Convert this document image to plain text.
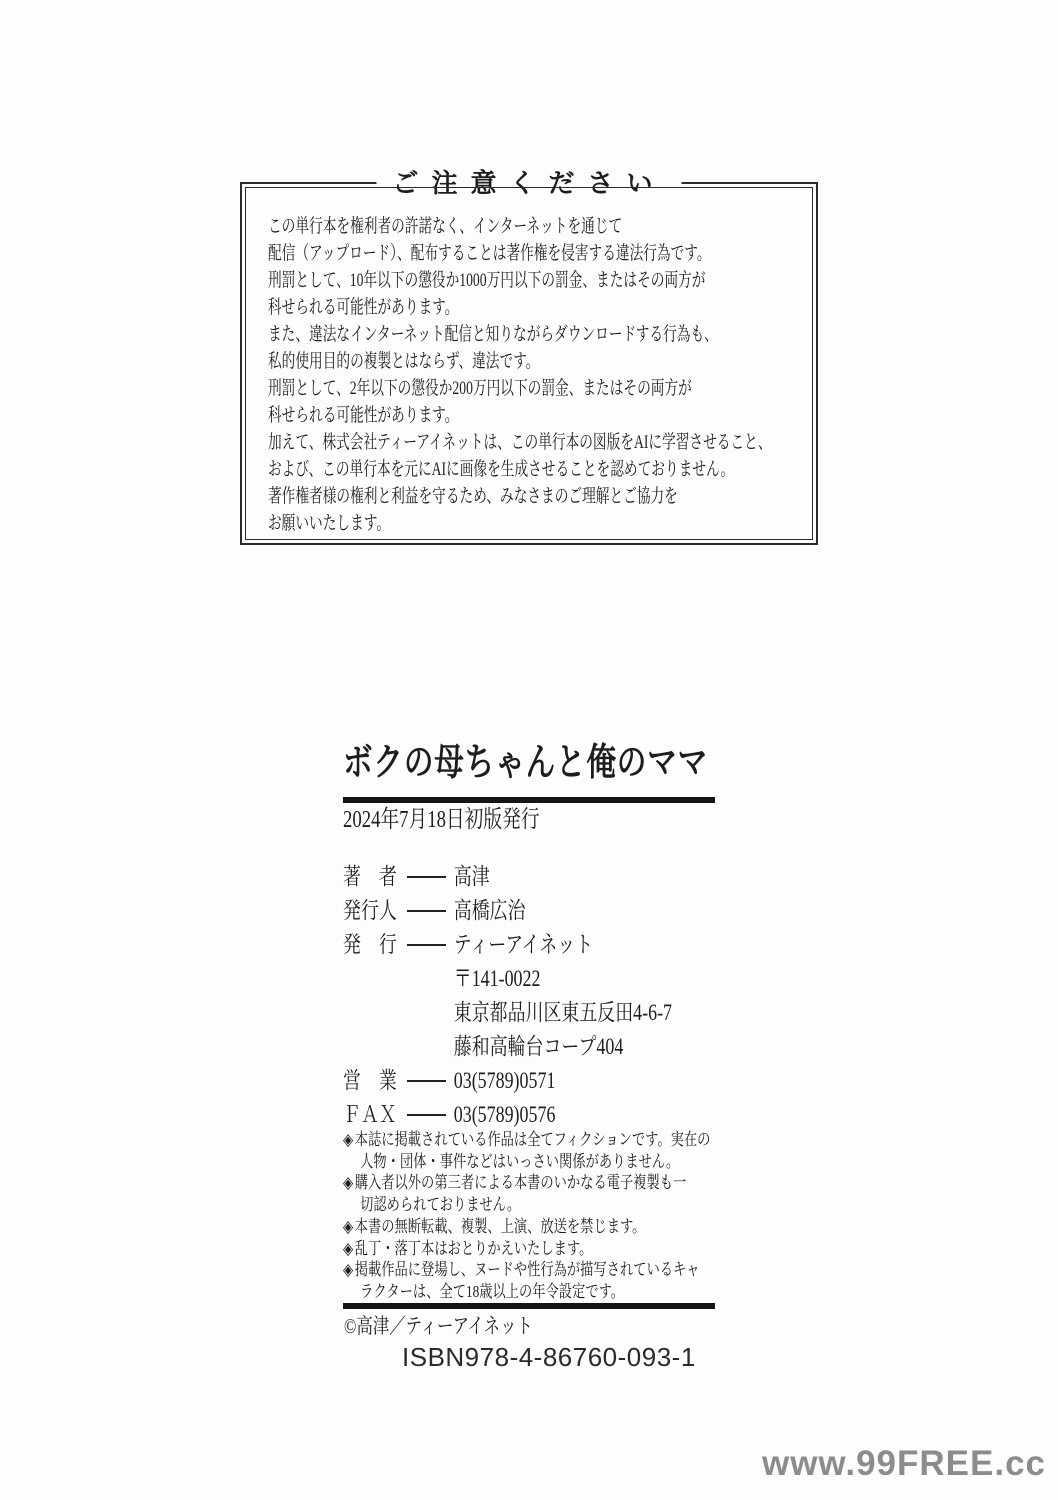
ご注意ください
この単行本を権利者の許諾なく、インターネットを通じて
配信（アップロード）、配布することは著作権を侵害する違法行為です。
刑罰として、10年以下の懲役か1000万円以下の罰金、またはその両方が
科せられる可能性があります。
また、違法なインターネット配信と知りながらダウンロードする行為も、
私的使用目的の複製とはならず、違法です。
刑罰として、2年以下の懲役か200万円以下の罰金、またはその両方が
科せられる可能性があります。
加えて、株式会社ティーアイネットは、この単行本の図版をAIに学習させること、
および、この単行本を元にAIに画像を生成させることを認めておりません。
著作権者様の権利と利益を守るため、みなさまのご理解とご協力を
お願いいたします。
ボクの母ちゃんと俺のママ
2024年7月18日初版発行
著　者 高津
発行人 高橋広治
発　行 ティーアイネット
〒141-0022
東京都品川区東五反田4-6-7
藤和高輪台コープ404
営　業 03(5789)0571
ＦＡＸ 03(5789)0576
◈本誌に掲載されている作品は全てフィクションです。実在の
人物・団体・事件などはいっさい関係がありません。
◈購入者以外の第三者による本書のいかなる電子複製も一
切認められておりません。
◈本書の無断転載、複製、上演、放送を禁じます。
◈乱丁・落丁本はおとりかえいたします。
◈掲載作品に登場し、ヌードや性行為が描写されているキャ
ラクターは、全て18歳以上の年令設定です。
©高津／ティーアイネット
ISBN978-4-86760-093-1
www.99FREE.cc
